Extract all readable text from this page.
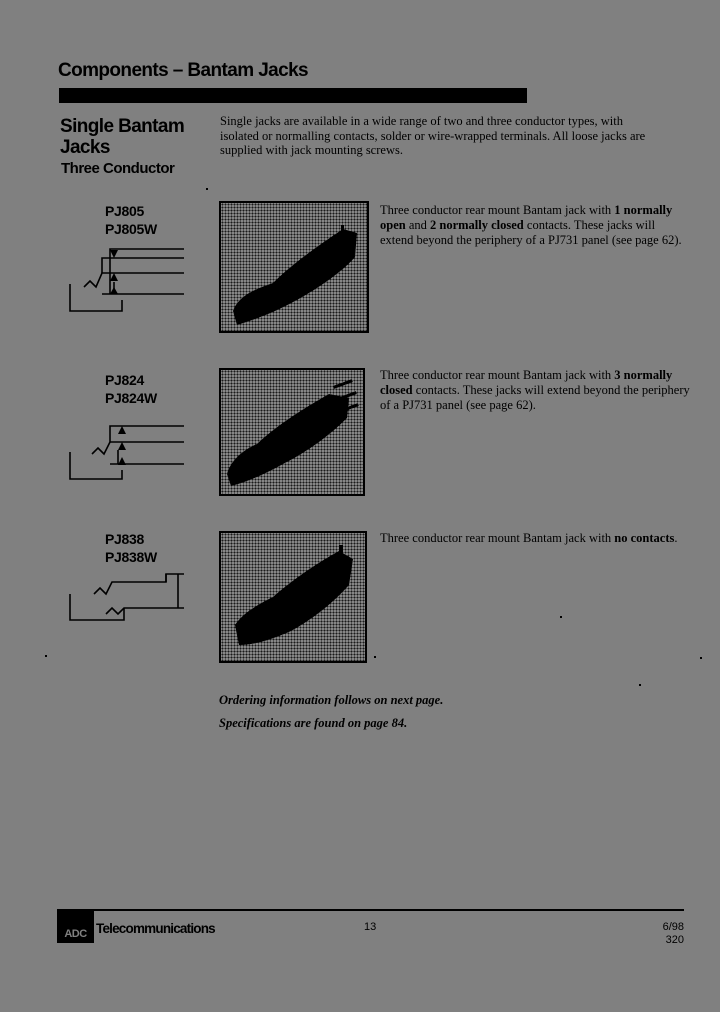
Components – Bantam Jacks
Single Bantam
Jacks
Three Conductor
Single jacks are available in a wide range of two and three conductor types, with isolated or normalling contacts, solder or wire-wrapped terminals. All loose jacks are supplied with jack mounting screws.
PJ805
PJ805W
Three conductor rear mount Bantam jack with 1 normally open and 2 normally closed contacts. These jacks will extend beyond the periphery of a PJ731 panel (see page 62).
PJ824
PJ824W
Three conductor rear mount Bantam jack with 3 normally closed contacts. These jacks will extend beyond the periphery of a PJ731 panel (see page 62).
PJ838
PJ838W
Three conductor rear mount Bantam jack with no contacts.
Ordering information follows on next page.
Specifications are found on page 84.
ADC Telecommunications	13	6/98
320
